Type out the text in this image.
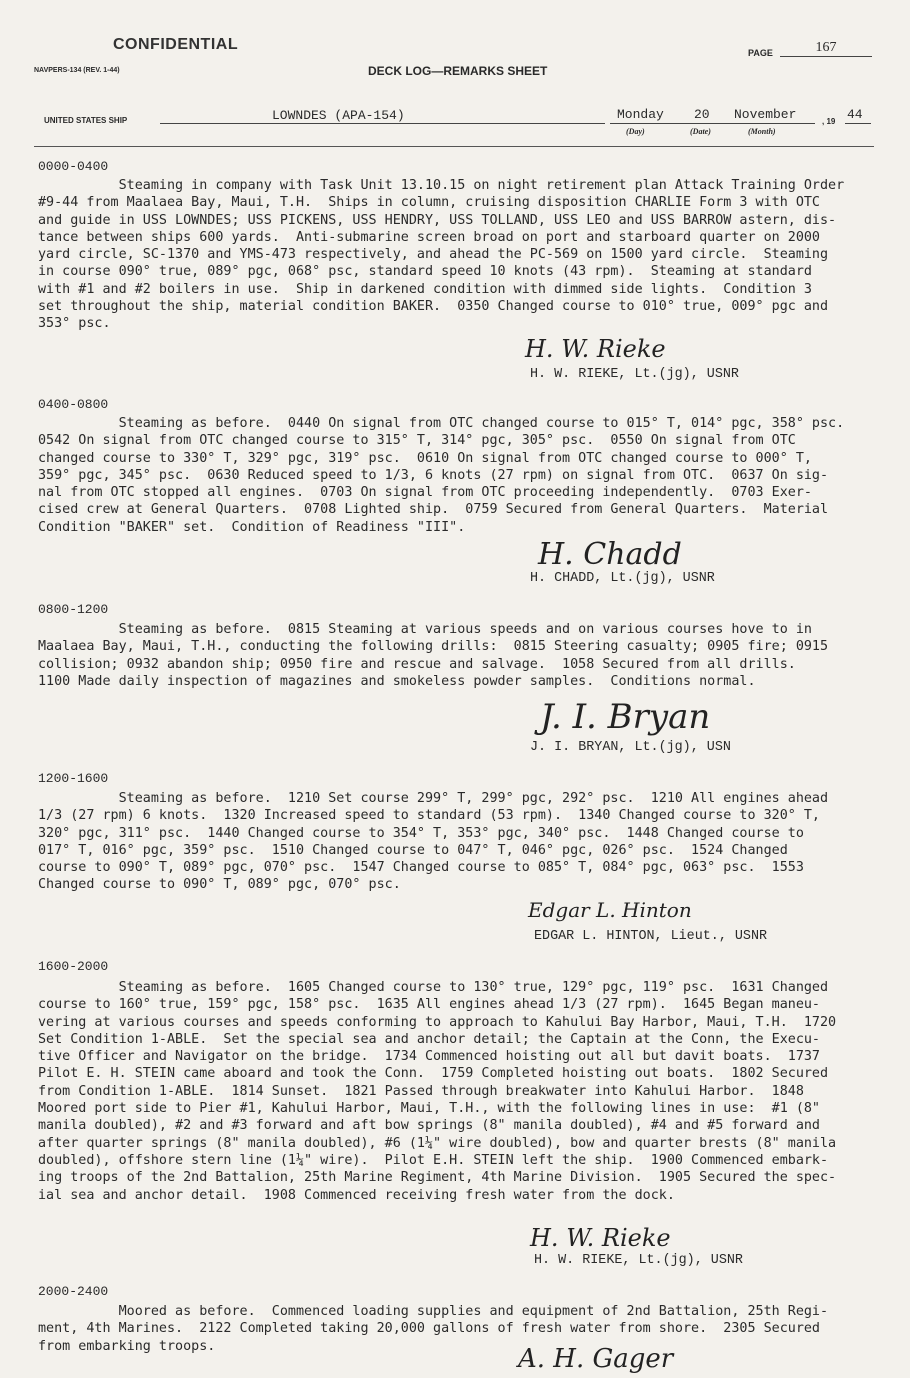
CONFIDENTIAL	PAGE	167
NAVPERS-134 (REV. 1-44)	DECK LOG—REMARKS SHEET
UNITED STATES SHIP	LOWNDES (APA-154)	Monday 20 November	, 19 44
(Day)	(Date)	(Month)
0000-0400
Steaming in company with Task Unit 13.10.15 on night retirement plan Attack Training Order
#9-44 from Maalaea Bay, Maui, T.H.  Ships in column, cruising disposition CHARLIE Form 3 with OTC
and guide in USS LOWNDES; USS PICKENS, USS HENDRY, USS TOLLAND, USS LEO and USS BARROW astern, dis-
tance between ships 600 yards.  Anti-submarine screen broad on port and starboard quarter on 2000
yard circle, SC-1370 and YMS-473 respectively, and ahead the PC-569 on 1500 yard circle.  Steaming
in course 090° true, 089° pgc, 068° psc, standard speed 10 knots (43 rpm).  Steaming at standard
with #1 and #2 boilers in use.  Ship in darkened condition with dimmed side lights.  Condition 3
set throughout the ship, material condition BAKER.  0350 Changed course to 010° true, 009° pgc and
353° psc.
H. W. Rieke
H. W. RIEKE, Lt.(jg), USNR
0400-0800
Steaming as before.  0440 On signal from OTC changed course to 015° T, 014° pgc, 358° psc.
0542 On signal from OTC changed course to 315° T, 314° pgc, 305° psc.  0550 On signal from OTC
changed course to 330° T, 329° pgc, 319° psc.  0610 On signal from OTC changed course to 000° T,
359° pgc, 345° psc.  0630 Reduced speed to 1/3, 6 knots (27 rpm) on signal from OTC.  0637 On sig-
nal from OTC stopped all engines.  0703 On signal from OTC proceeding independently.  0703 Exer-
cised crew at General Quarters.  0708 Lighted ship.  0759 Secured from General Quarters.  Material
Condition "BAKER" set.  Condition of Readiness "III".
H. Chadd
H. CHADD, Lt.(jg), USNR
0800-1200
Steaming as before.  0815 Steaming at various speeds and on various courses hove to in
Maalaea Bay, Maui, T.H., conducting the following drills:  0815 Steering casualty; 0905 fire; 0915
collision; 0932 abandon ship; 0950 fire and rescue and salvage.  1058 Secured from all drills.
1100 Made daily inspection of magazines and smokeless powder samples.  Conditions normal.
J. I. Bryan
J. I. BRYAN, Lt.(jg), USN
1200-1600
Steaming as before.  1210 Set course 299° T, 299° pgc, 292° psc.  1210 All engines ahead
1/3 (27 rpm) 6 knots.  1320 Increased speed to standard (53 rpm).  1340 Changed course to 320° T,
320° pgc, 311° psc.  1440 Changed course to 354° T, 353° pgc, 340° psc.  1448 Changed course to
017° T, 016° pgc, 359° psc.  1510 Changed course to 047° T, 046° pgc, 026° psc.  1524 Changed
course to 090° T, 089° pgc, 070° psc.  1547 Changed course to 085° T, 084° pgc, 063° psc.  1553
Changed course to 090° T, 089° pgc, 070° psc.
Edgar L. Hinton
EDGAR L. HINTON, Lieut., USNR
1600-2000
Steaming as before.  1605 Changed course to 130° true, 129° pgc, 119° psc.  1631 Changed
course to 160° true, 159° pgc, 158° psc.  1635 All engines ahead 1/3 (27 rpm).  1645 Began maneu-
vering at various courses and speeds conforming to approach to Kahului Bay Harbor, Maui, T.H.  1720
Set Condition 1-ABLE.  Set the special sea and anchor detail; the Captain at the Conn, the Execu-
tive Officer and Navigator on the bridge.  1734 Commenced hoisting out all but davit boats.  1737
Pilot E. H. STEIN came aboard and took the Conn.  1759 Completed hoisting out boats.  1802 Secured
from Condition 1-ABLE.  1814 Sunset.  1821 Passed through breakwater into Kahului Harbor.  1848
Moored port side to Pier #1, Kahului Harbor, Maui, T.H., with the following lines in use:  #1 (8"
manila doubled), #2 and #3 forward and aft bow springs (8" manila doubled), #4 and #5 forward and
after quarter springs (8" manila doubled), #6 (1¼" wire doubled), bow and quarter brests (8" manila
doubled), offshore stern line (1¼" wire).  Pilot E.H. STEIN left the ship.  1900 Commenced embark-
ing troops of the 2nd Battalion, 25th Marine Regiment, 4th Marine Division.  1905 Secured the spec-
ial sea and anchor detail.  1908 Commenced receiving fresh water from the dock.
H. W. Rieke
H. W. RIEKE, Lt.(jg), USNR
2000-2400
Moored as before.  Commenced loading supplies and equipment of 2nd Battalion, 25th Regi-
ment, 4th Marines.  2122 Completed taking 20,000 gallons of fresh water from shore.  2305 Secured
from embarking troops.	A. H. Gager
